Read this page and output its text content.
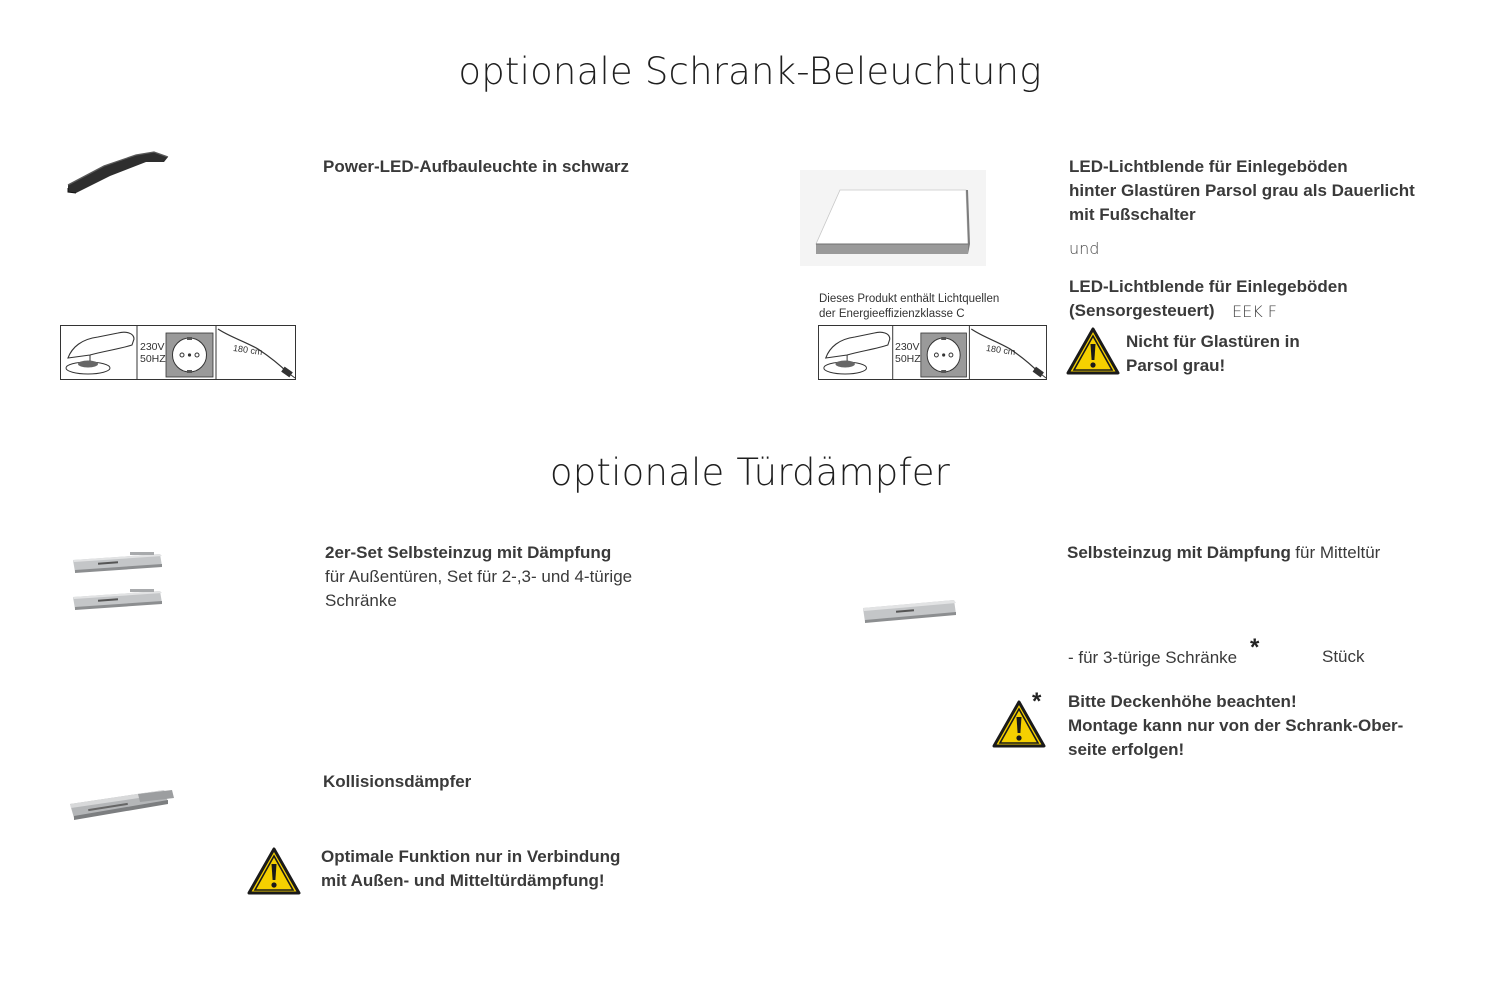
optionale Schrank-Beleuchtung
Power-LED-Aufbauleuchte in schwarz
230V
50HZ
180 cm
LED-Lichtblende für Einlegeböden
hinter Glastüren Parsol grau als Dauerlicht
mit Fußschalter
und
LED-Lichtblende für Einlegeböden
(Sensorgesteuert) EEK F
Nicht für Glastüren in
Parsol grau!
Dieses Produkt enthält Lichtquellen
der Energieeffizienzklasse C
230V
50HZ
180 cm
optionale Türdämpfer
2er-Set Selbsteinzug mit Dämpfung
für Außentüren, Set für 2-,3- und 4-türige
Schränke
Selbsteinzug mit Dämpfung für Mitteltür
- für 3-türige Schränke *	Stück
* Bitte Deckenhöhe beachten!
Montage kann nur von der Schrank-Ober-
seite erfolgen!
Kollisionsdämpfer
Optimale Funktion nur in Verbindung
mit Außen- und Mitteltürdämpfung!
